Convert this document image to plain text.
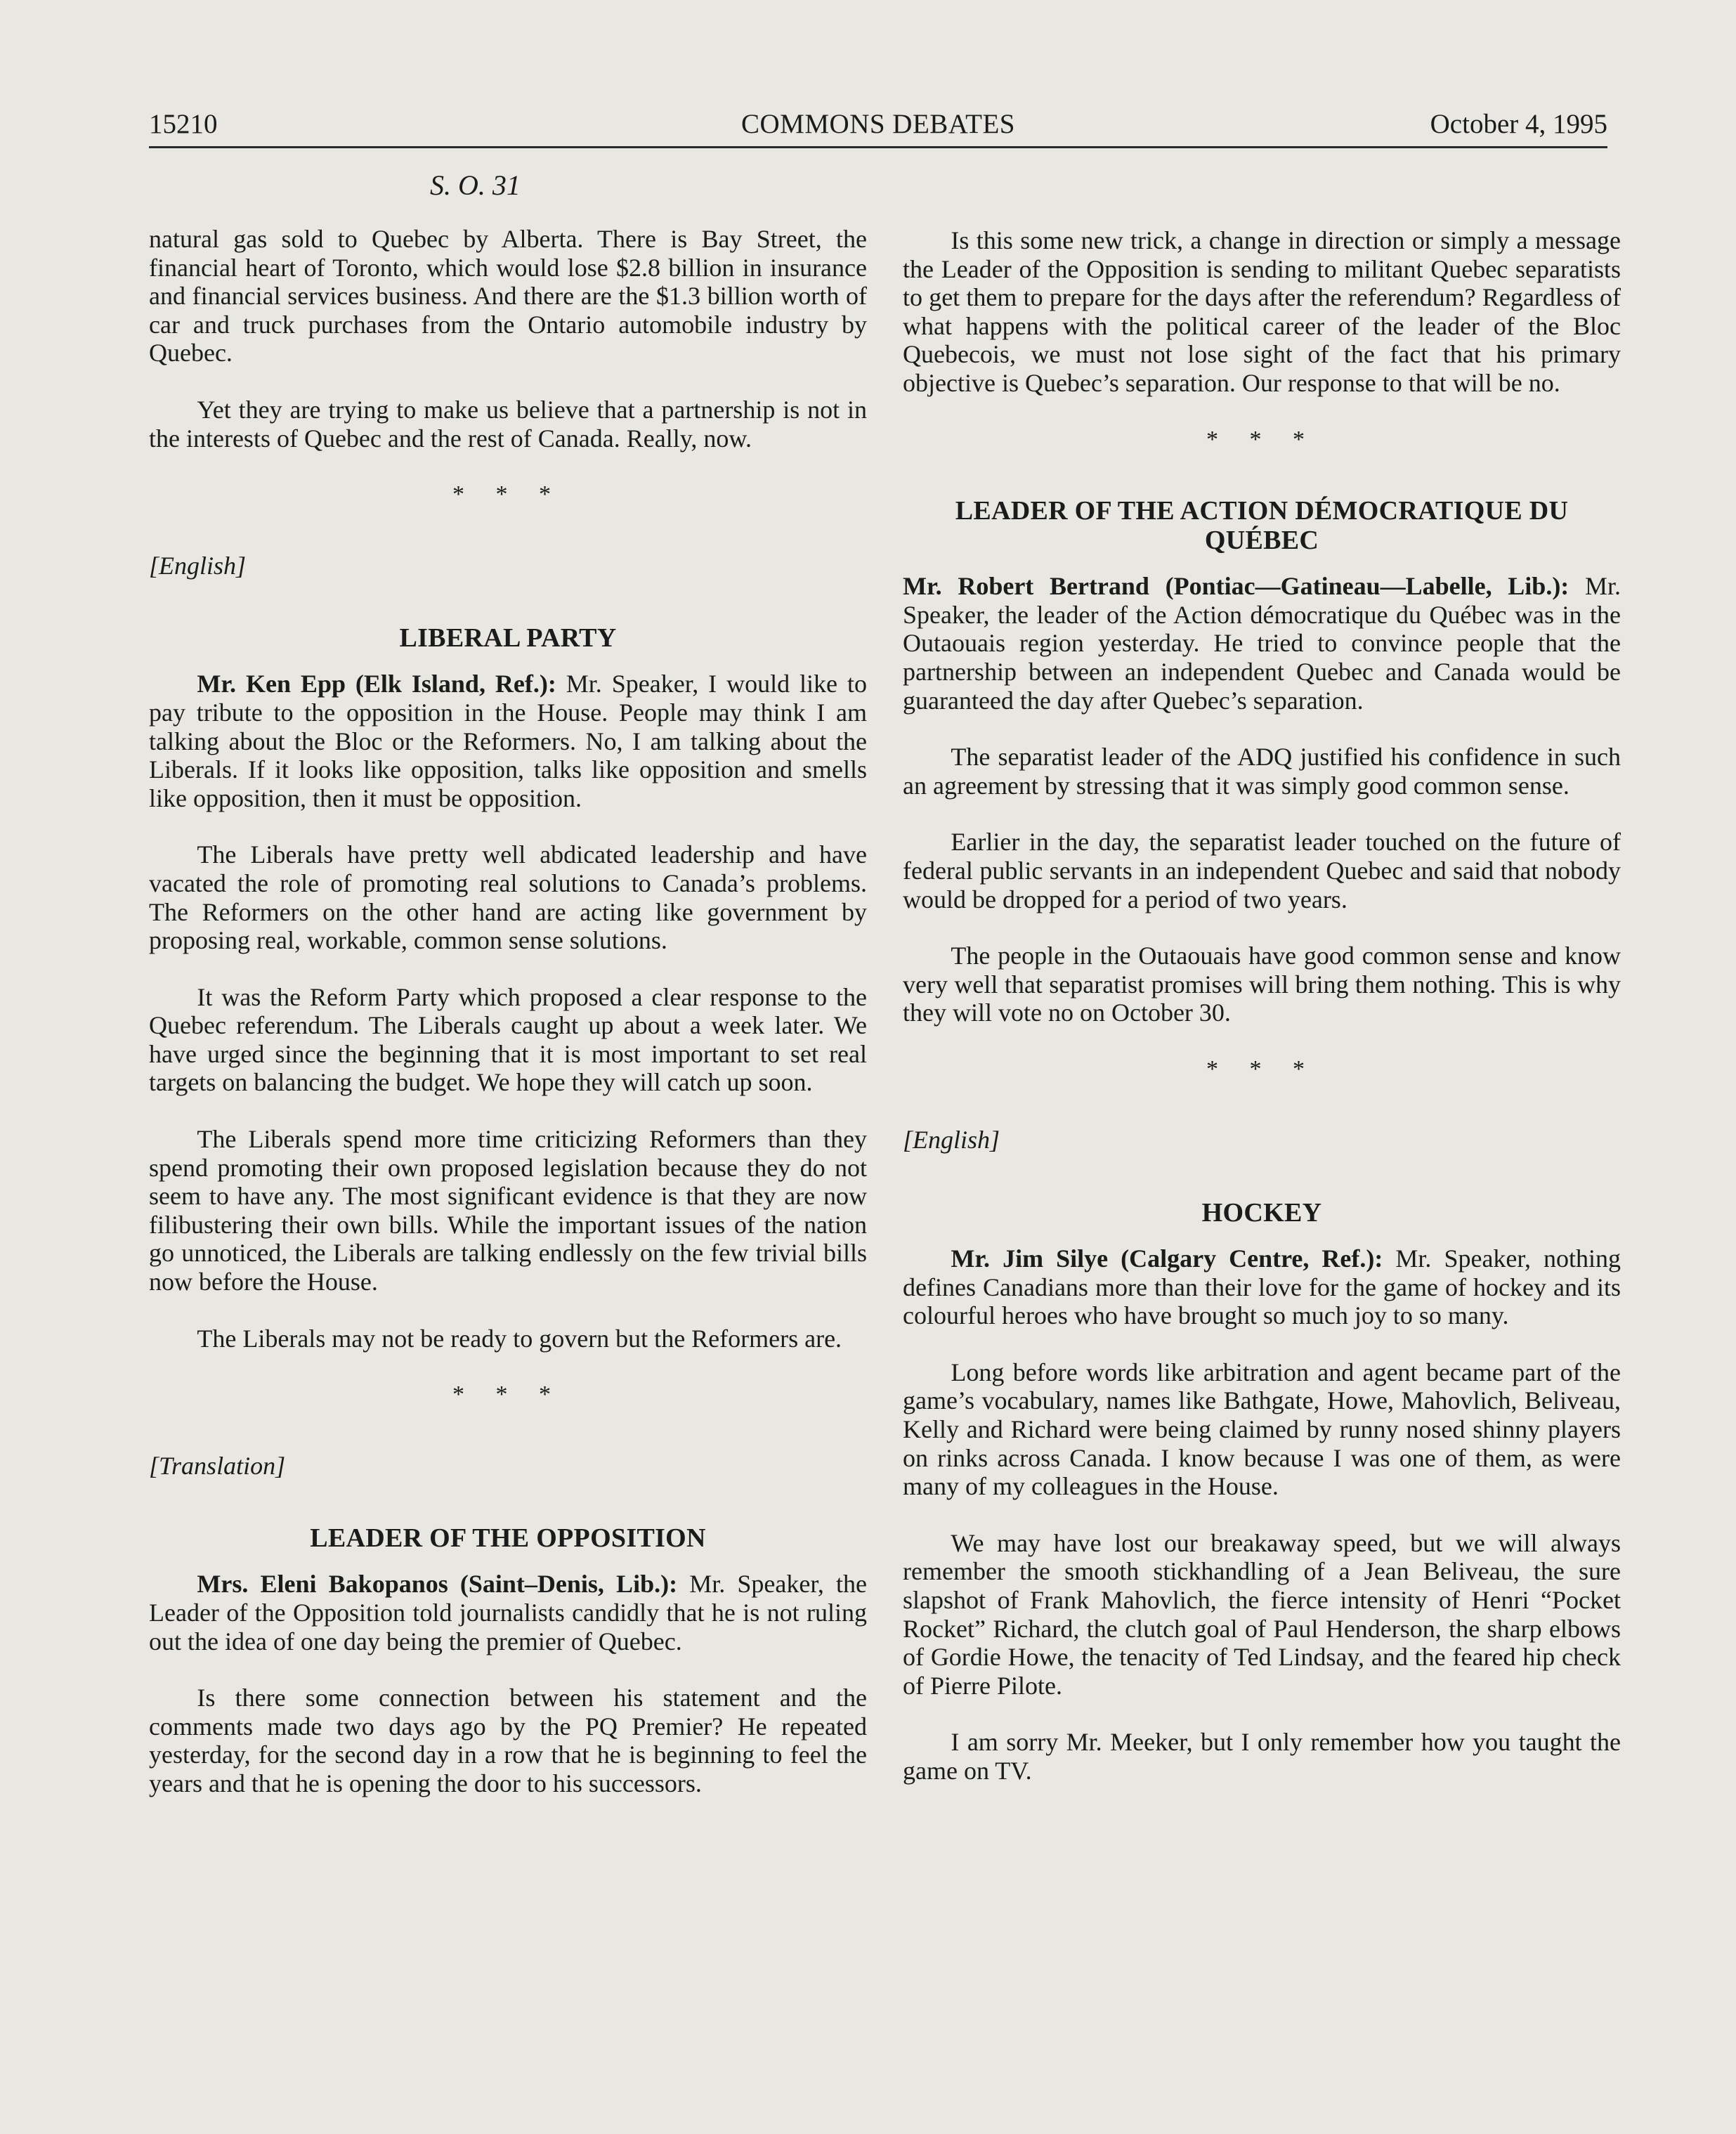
15210	COMMONS DEBATES	October 4, 1995
S. O. 31

natural gas sold to Quebec by Alberta. There is Bay Street, the financial heart of Toronto, which would lose $2.8 billion in insurance and financial services business. And there are the $1.3 billion worth of car and truck purchases from the Ontario automobile industry by Quebec.

Yet they are trying to make us believe that a partnership is not in the interests of Quebec and the rest of Canada. Really, now.

* * *
[English]
LIBERAL PARTY

Mr. Ken Epp (Elk Island, Ref.): Mr. Speaker, I would like to pay tribute to the opposition in the House. People may think I am talking about the Bloc or the Reformers. No, I am talking about the Liberals. If it looks like opposition, talks like opposition and smells like opposition, then it must be opposition.

The Liberals have pretty well abdicated leadership and have vacated the role of promoting real solutions to Canada’s problems. The Reformers on the other hand are acting like government by proposing real, workable, common sense solutions.

It was the Reform Party which proposed a clear response to the Quebec referendum. The Liberals caught up about a week later. We have urged since the beginning that it is most important to set real targets on balancing the budget. We hope they will catch up soon.

The Liberals spend more time criticizing Reformers than they spend promoting their own proposed legislation because they do not seem to have any. The most significant evidence is that they are now filibustering their own bills. While the important issues of the nation go unnoticed, the Liberals are talking endlessly on the few trivial bills now before the House.

The Liberals may not be ready to govern but the Reformers are.

* * *
[Translation]
LEADER OF THE OPPOSITION

Mrs. Eleni Bakopanos (Saint–Denis, Lib.): Mr. Speaker, the Leader of the Opposition told journalists candidly that he is not ruling out the idea of one day being the premier of Quebec.

Is there some connection between his statement and the comments made two days ago by the PQ Premier? He repeated yesterday, for the second day in a row that he is beginning to feel the years and that he is opening the door to his successors.

Is this some new trick, a change in direction or simply a message the Leader of the Opposition is sending to militant Quebec separatists to get them to prepare for the days after the referendum? Regardless of what happens with the political career of the leader of the Bloc Quebecois, we must not lose sight of the fact that his primary objective is Quebec’s separation. Our response to that will be no.

* * *
LEADER OF THE ACTION DÉMOCRATIQUE DU QUÉBEC

Mr. Robert Bertrand (Pontiac—Gatineau—Labelle, Lib.): Mr. Speaker, the leader of the Action démocratique du Québec was in the Outaouais region yesterday. He tried to convince people that the partnership between an independent Quebec and Canada would be guaranteed the day after Quebec’s separation.

The separatist leader of the ADQ justified his confidence in such an agreement by stressing that it was simply good common sense.

Earlier in the day, the separatist leader touched on the future of federal public servants in an independent Quebec and said that nobody would be dropped for a period of two years.

The people in the Outaouais have good common sense and know very well that separatist promises will bring them nothing. This is why they will vote no on October 30.

* * *
[English]
HOCKEY

Mr. Jim Silye (Calgary Centre, Ref.): Mr. Speaker, nothing defines Canadians more than their love for the game of hockey and its colourful heroes who have brought so much joy to so many.

Long before words like arbitration and agent became part of the game’s vocabulary, names like Bathgate, Howe, Mahovlich, Beliveau, Kelly and Richard were being claimed by runny nosed shinny players on rinks across Canada. I know because I was one of them, as were many of my colleagues in the House.

We may have lost our breakaway speed, but we will always remember the smooth stickhandling of a Jean Beliveau, the sure slapshot of Frank Mahovlich, the fierce intensity of Henri “Pocket Rocket” Richard, the clutch goal of Paul Henderson, the sharp elbows of Gordie Howe, the tenacity of Ted Lindsay, and the feared hip check of Pierre Pilote.

I am sorry Mr. Meeker, but I only remember how you taught the game on TV.
